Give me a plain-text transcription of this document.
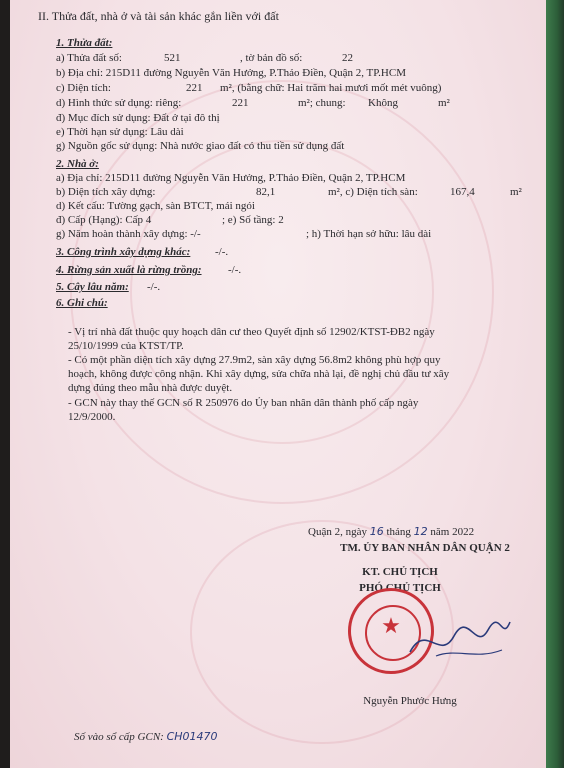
II. Thửa đất, nhà ở và tài sản khác gắn liền với đất
1. Thửa đất:
a) Thửa đất số:	521	, tờ bản đồ số:	22
b) Địa chỉ: 215D11 đường Nguyễn Văn Hưởng, P.Thảo Điền, Quận 2, TP.HCM
c) Diện tích:	221 m², (bằng chữ: Hai trăm hai mươi mốt mét vuông)
d) Hình thức sử dụng: riêng:	221	m²; chung: Không	m²
đ) Mục đích sử dụng: Đất ở tại đô thị
e) Thời hạn sử dụng: Lâu dài
g) Nguồn gốc sử dụng: Nhà nước giao đất có thu tiền sử dụng đất
2. Nhà ở:
a) Địa chỉ: 215D11 đường Nguyễn Văn Hưởng, P.Thảo Điền, Quận 2, TP.HCM
b) Diện tích xây dựng:	82,1	m², c) Diện tích sàn:	167,4	m²
d) Kết cấu: Tường gạch, sàn BTCT, mái ngói
đ) Cấp (Hạng): Cấp 4	; e) Số tầng: 2
g) Năm hoàn thành xây dựng: -/-	; h) Thời hạn sở hữu: lâu dài
3. Công trình xây dựng khác: -/-.
4. Rừng sản xuất là rừng trồng: -/-.
5. Cây lâu năm: -/-.
6. Ghi chú:
- Vị trí nhà đất thuộc quy hoạch dân cư theo Quyết định số 12902/KTST-ĐB2 ngày
25/10/1999 của KTST/TP.
- Có một phần diện tích xây dựng 27.9m2, sàn xây dựng 56.8m2 không phù hợp quy
hoạch, không được công nhận. Khi xây dựng, sửa chữa nhà lại, đề nghị chủ đầu tư xây
dựng đúng theo mẫu nhà được duyệt.
- GCN này thay thế GCN số R 250976 do Ủy ban nhân dân thành phố cấp ngày
12/9/2000.
Quận 2, ngày 16 tháng 12 năm 2022
TM. ỦY BAN NHÂN DÂN QUẬN 2
KT. CHỦ TỊCH
PHÓ CHỦ TỊCH
★
Nguyễn Phước Hưng
Số vào sổ cấp GCN: CH01470
